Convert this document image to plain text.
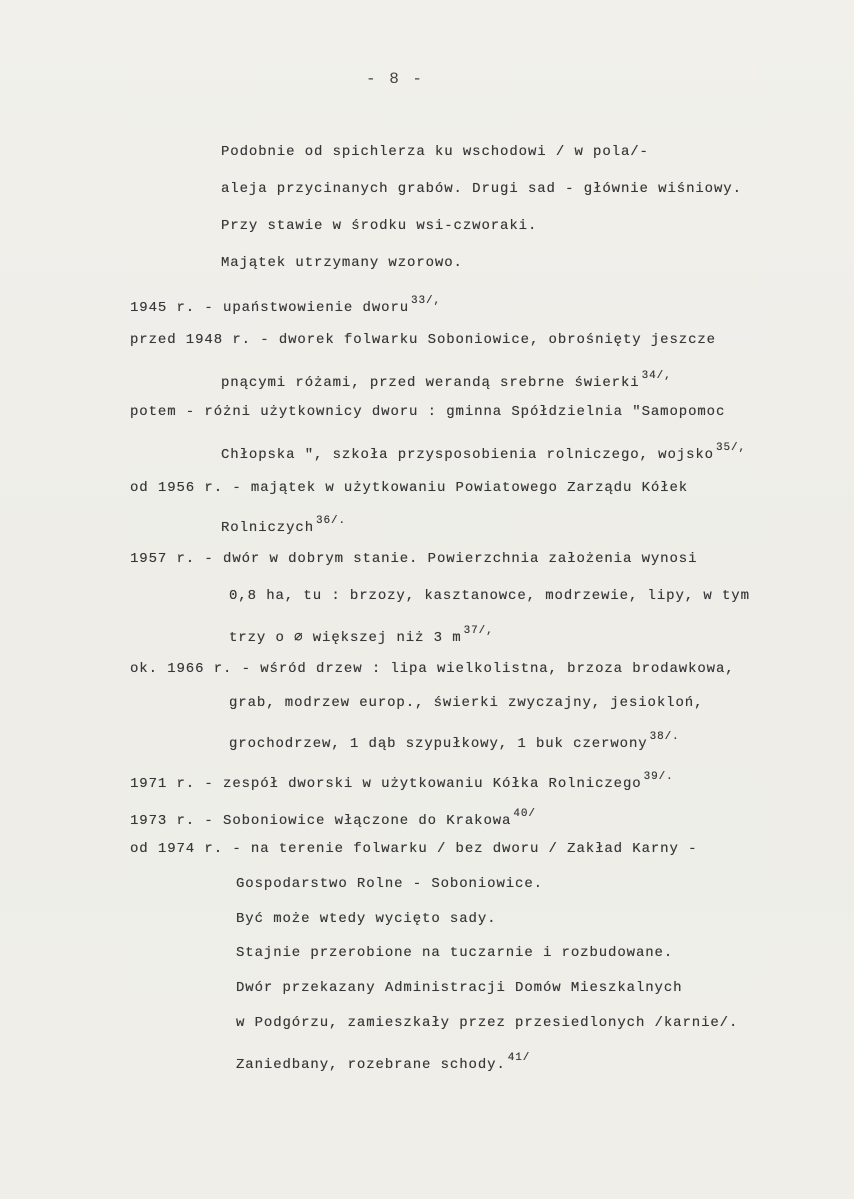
- 8 -
Podobnie od spichlerza ku wschodowi / w pola/-
aleja przycinanych grabów. Drugi sad - głównie wiśniowy.
Przy stawie w środku wsi-czworaki.
Majątek utrzymany wzorowo.
1945 r. - upaństwowienie dworu $^{33/,}$
przed 1948 r. - dworek folwarku Soboniowice, obrośnięty jeszcze
pnącymi różami, przed werandą srebrne świerki $^{34/,}$
potem - różni użytkownicy dworu : gminna Spółdzielnia "Samopomoc
Chłopska ", szkoła przysposobienia rolniczego, wojsko $^{35/,}$
od 1956 r. - majątek w użytkowaniu Powiatowego Zarządu Kółek
Rolniczych $^{36/.}$
1957 r. - dwór w dobrym stanie. Powierzchnia założenia wynosi
0,8 ha, tu : brzozy, kasztanowce, modrzewie, lipy, w tym
trzy o ∅ większej niż 3 m $^{37/,}$
ok. 1966 r. - wśród drzew : lipa wielkolistna, brzoza brodawkowa,
grab, modrzew europ., świerki zwyczajny, jesiokloń,
grochodrzew, 1 dąb szypułkowy, 1 buk czerwony $^{38/.}$
1971 r. - zespół dworski w użytkowaniu Kółka Rolniczego $^{39/.}$
1973 r. - Soboniowice włączone do Krakowa $^{40/}$
od 1974 r. - na terenie folwarku / bez dworu / Zakład Karny -
Gospodarstwo Rolne - Soboniowice.
Być może wtedy wycięto sady.
Stajnie przerobione na tuczarnie i rozbudowane.
Dwór przekazany Administracji Domów Mieszkalnych
w Podgórzu, zamieszkały przez przesiedlonych /karnie/.
Zaniedbany, rozebrane schody. $^{41/}$
